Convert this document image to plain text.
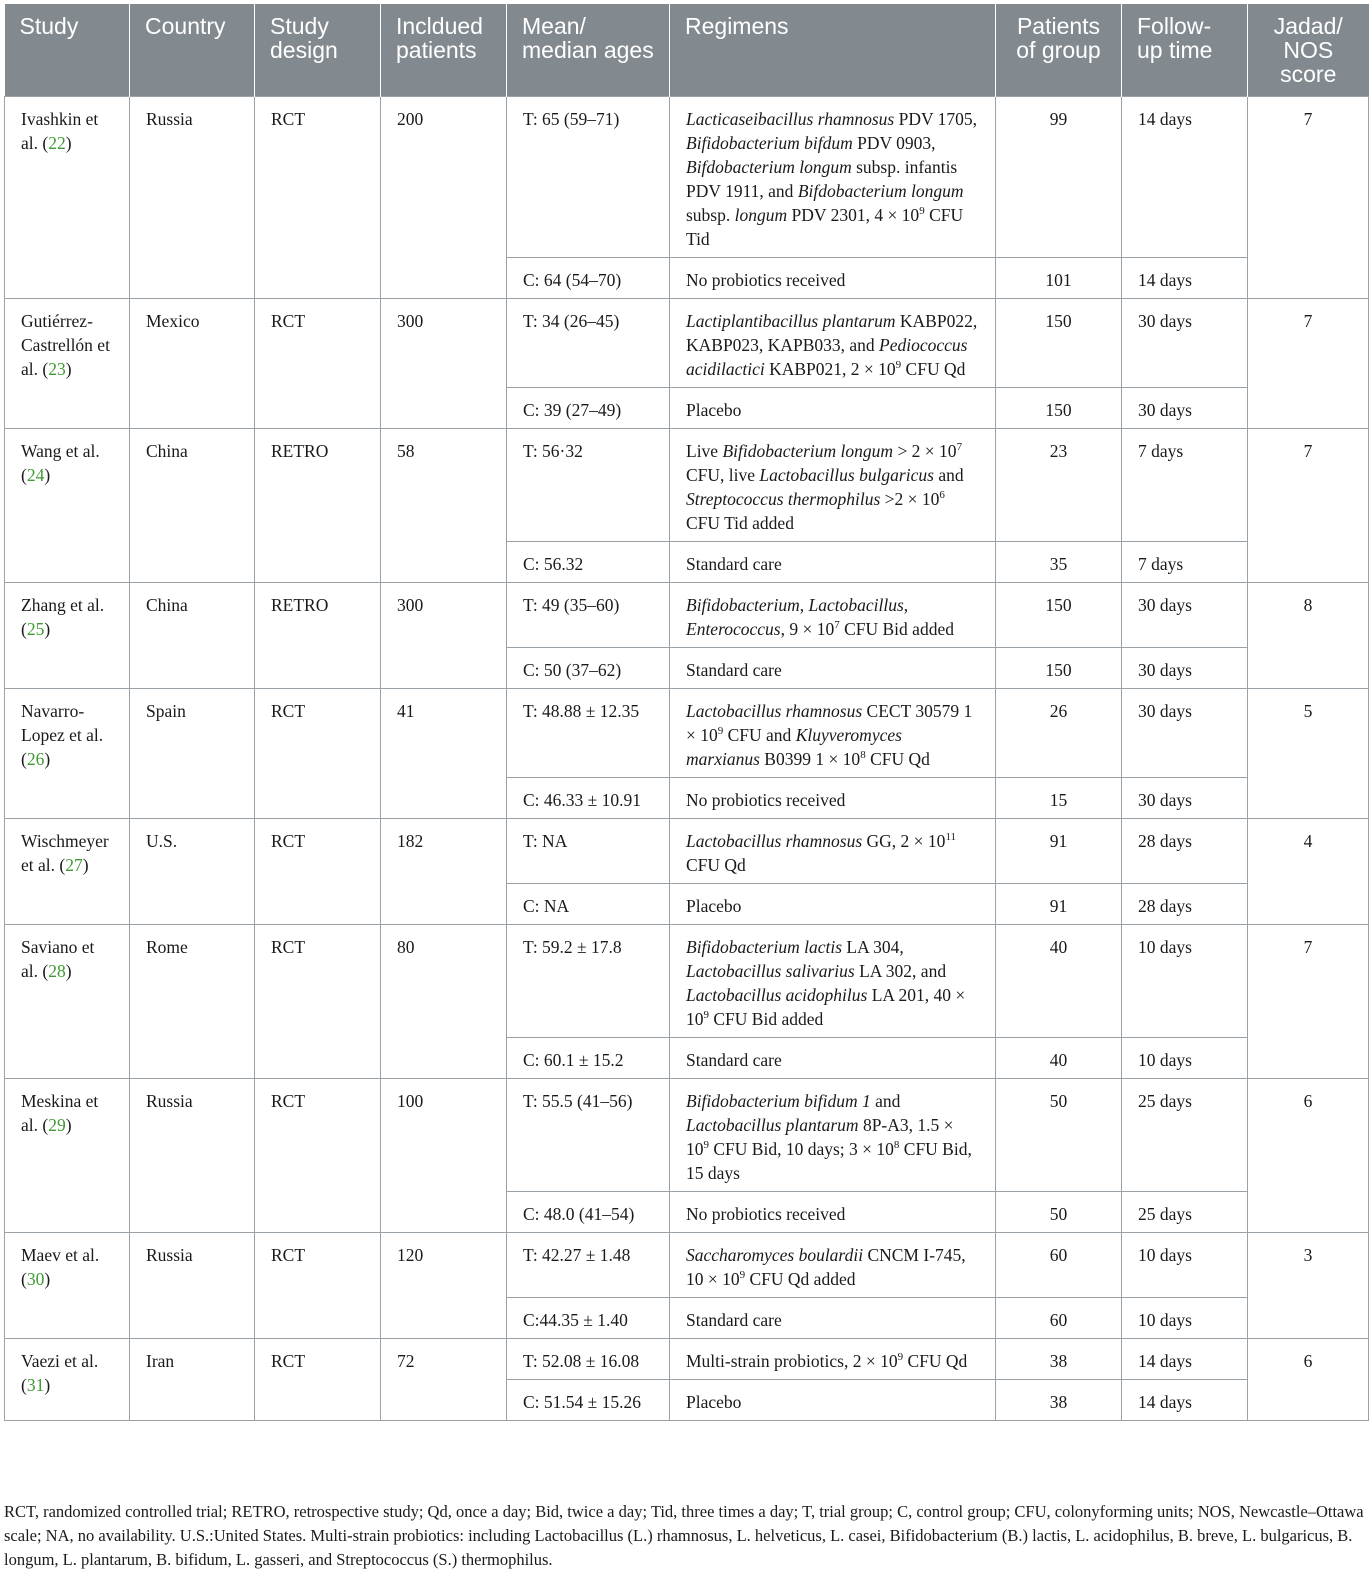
Study	Country	Study design	Incldued patients	Mean/ median ages	Regimens	Patients of group	Follow-up time	Jadad/ NOS score
Ivashkin et al. (22)	Russia	RCT	200	T: 65 (59–71)	Lacticaseibacillus rhamnosus PDV 1705, Bifidobacterium bifdum PDV 0903, Bifdobacterium longum subsp. infantis PDV 1911, and Bifdobacterium longum subsp. longum PDV 2301, $4 \times 10^9$ CFU Tid	99	14 days	7
				C: 64 (54–70)	No probiotics received	101	14 days	
Gutiérrez-Castrellón et al. (23)	Mexico	RCT	300	T: 34 (26–45)	Lactiplantibacillus plantarum KABP022, KABP023, KAPB033, and Pediococcus acidilactici KABP021, $2 \times 10^9$ CFU Qd	150	30 days	7
				C: 39 (27–49)	Placebo	150	30 days	
Wang et al. (24)	China	RETRO	58	T: 56·32	Live Bifidobacterium longum > $2 \times 10^7$ CFU, live Lactobacillus bulgaricus and Streptococcus thermophilus $>2 \times 10^6$ CFU Tid added	23	7 days	7
				C: 56.32	Standard care	35	7 days	
Zhang et al. (25)	China	RETRO	300	T: 49 (35–60)	Bifidobacterium, Lactobacillus, Enterococcus, $9 \times 10^7$ CFU Bid added	150	30 days	8
				C: 50 (37–62)	Standard care	150	30 days	
Navarro-Lopez et al. (26)	Spain	RCT	41	T: 48.88 ± 12.35	Lactobacillus rhamnosus CECT 30579 $1 \times 10^9$ CFU and Kluyveromyces marxianus B0399 $1 \times 10^8$ CFU Qd	26	30 days	5
				C: 46.33 ± 10.91	No probiotics received	15	30 days	
Wischmeyer et al. (27)	U.S.	RCT	182	T: NA	Lactobacillus rhamnosus GG, $2 \times 10^{11}$ CFU Qd	91	28 days	4
				C: NA	Placebo	91	28 days	
Saviano et al. (28)	Rome	RCT	80	T: 59.2 ± 17.8	Bifidobacterium lactis LA 304, Lactobacillus salivarius LA 302, and Lactobacillus acidophilus LA 201, $40 \times 10^9$ CFU Bid added	40	10 days	7
				C: 60.1 ± 15.2	Standard care	40	10 days	
Meskina et al. (29)	Russia	RCT	100	T: 55.5 (41–56)	Bifidobacterium bifidum 1 and Lactobacillus plantarum 8P-A3, $1.5 \times 10^9$ CFU Bid, 10 days; $3 \times 10^8$ CFU Bid, 15 days	50	25 days	6
				C: 48.0 (41–54)	No probiotics received	50	25 days	
Maev et al. (30)	Russia	RCT	120	T: 42.27 ± 1.48	Saccharomyces boulardii CNCM I-745, $10 \times 10^9$ CFU Qd added	60	10 days	3
				C:44.35 ± 1.40	Standard care	60	10 days	
Vaezi et al. (31)	Iran	RCT	72	T: 52.08 ± 16.08	Multi-strain probiotics, $2 \times 10^9$ CFU Qd	38	14 days	6
				C: 51.54 ± 15.26	Placebo	38	14 days	

RCT, randomized controlled trial; RETRO, retrospective study; Qd, once a day; Bid, twice a day; Tid, three times a day; T, trial group; C, control group; CFU, colonyforming units; NOS, Newcastle–Ottawa scale; NA, no availability. U.S.:United States. Multi-strain probiotics: including Lactobacillus (L.) rhamnosus, L. helveticus, L. casei, Bifidobacterium (B.) lactis, L. acidophilus, B. breve, L. bulgaricus, B. longum, L. plantarum, B. bifidum, L. gasseri, and Streptococcus (S.) thermophilus.
